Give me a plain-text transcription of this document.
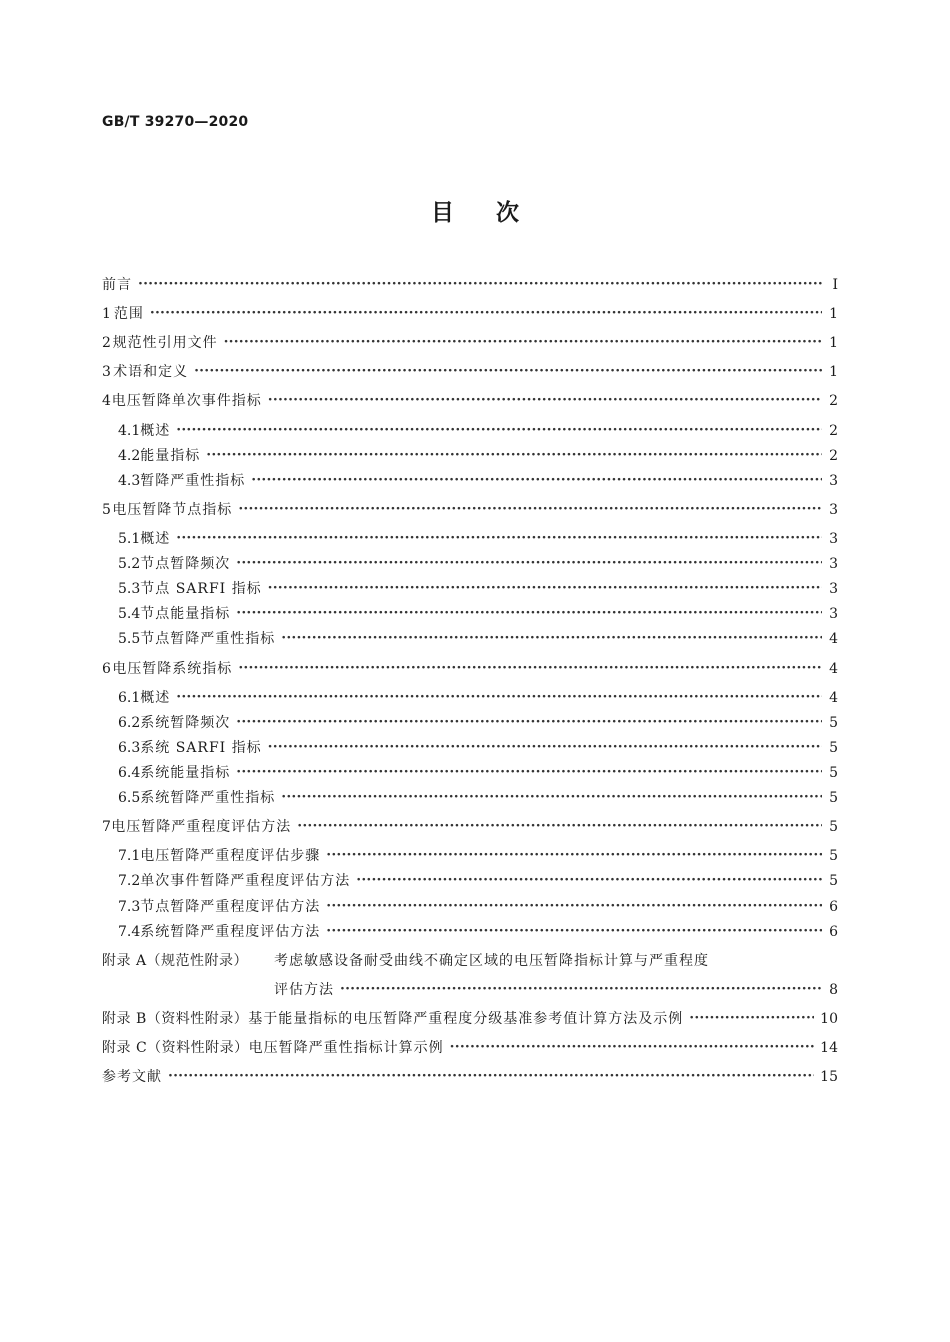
GB/T 39270—2020
目次
前言 ·····	Ⅰ
1 范围 ·····	1
2 规范性引用文件 ·····	1
3 术语和定义 ·····	1
4 电压暂降单次事件指标 ·····	2
4.1 概述 ·····	2
4.2 能量指标 ·····	2
4.3 暂降严重性指标 ·····	3
5 电压暂降节点指标 ·····	3
5.1 概述 ·····	3
5.2 节点暂降频次 ·····	3
5.3 节点 SARFI 指标 ·····	3
5.4 节点能量指标 ·····	3
5.5 节点暂降严重性指标 ·····	4
6 电压暂降系统指标 ·····	4
6.1 概述 ·····	4
6.2 系统暂降频次 ·····	5
6.3 系统 SARFI 指标 ·····	5
6.4 系统能量指标 ·····	5
6.5 系统暂降严重性指标 ·····	5
7 电压暂降严重程度评估方法 ·····	5
7.1 电压暂降严重程度评估步骤 ·····	5
7.2 单次事件暂降严重程度评估方法 ·····	5
7.3 节点暂降严重程度评估方法 ·····	6
7.4 系统暂降严重程度评估方法 ·····	6
附录 A（规范性附录）	考虑敏感设备耐受曲线不确定区域的电压暂降指标计算与严重程度
评估方法 ·····	8
附录 B（资料性附录） 基于能量指标的电压暂降严重程度分级基准参考值计算方法及示例 ·····	10
附录 C（资料性附录） 电压暂降严重性指标计算示例 ·····	14
参考文献 ·····	15
